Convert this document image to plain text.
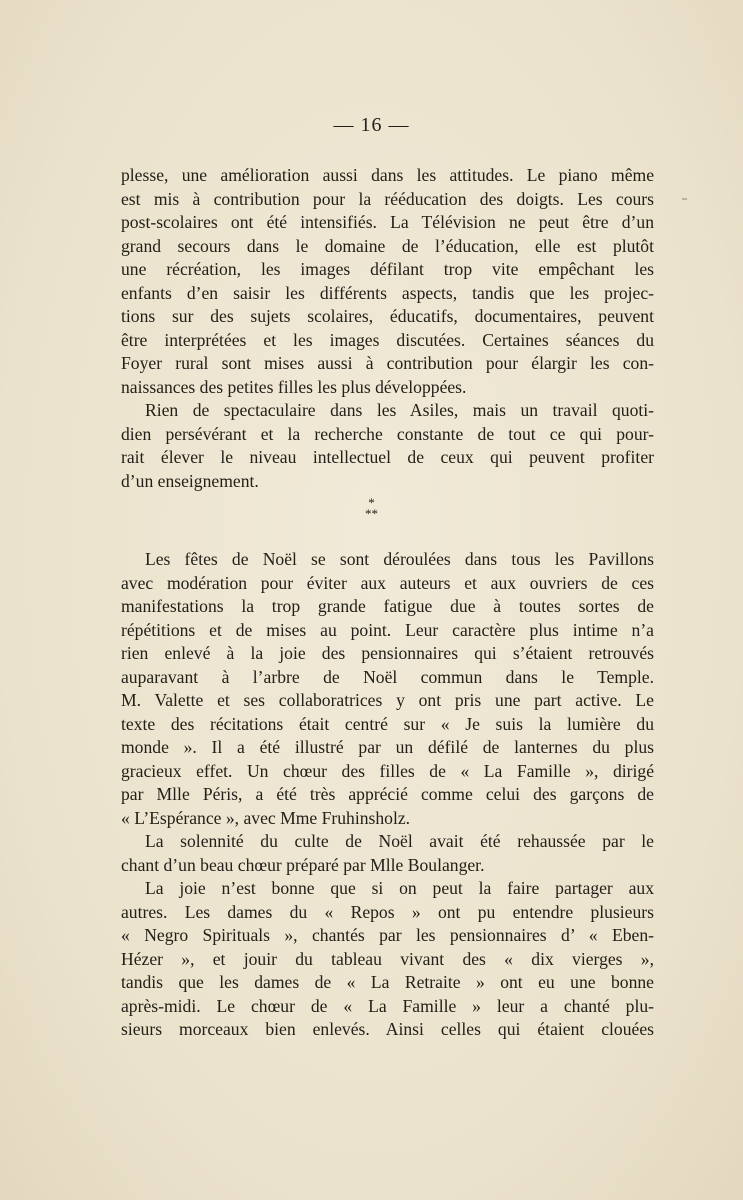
— 16 —
plesse, une amélioration aussi dans les attitudes. Le piano même
est mis à contribution pour la rééducation des doigts. Les cours
post-scolaires ont été intensifiés. La Télévision ne peut être d’un
grand secours dans le domaine de l’éducation, elle est plutôt
une récréation, les images défilant trop vite empêchant les
enfants d’en saisir les différents aspects, tandis que les projec-
tions sur des sujets scolaires, éducatifs, documentaires, peuvent
être interprétées et les images discutées. Certaines séances du
Foyer rural sont mises aussi à contribution pour élargir les con-
naissances des petites filles les plus développées.
Rien de spectaculaire dans les Asiles, mais un travail quoti-
dien persévérant et la recherche constante de tout ce qui pour-
rait élever le niveau intellectuel de ceux qui peuvent profiter
d’un enseignement.
*
**
Les fêtes de Noël se sont déroulées dans tous les Pavillons
avec modération pour éviter aux auteurs et aux ouvriers de ces
manifestations la trop grande fatigue due à toutes sortes de
répétitions et de mises au point. Leur caractère plus intime n’a
rien enlevé à la joie des pensionnaires qui s’étaient retrouvés
auparavant à l’arbre de Noël commun dans le Temple.
M. Valette et ses collaboratrices y ont pris une part active. Le
texte des récitations était centré sur « Je suis la lumière du
monde ». Il a été illustré par un défilé de lanternes du plus
gracieux effet. Un chœur des filles de « La Famille », dirigé
par Mlle Péris, a été très apprécié comme celui des garçons de
« L’Espérance », avec Mme Fruhinsholz.
La solennité du culte de Noël avait été rehaussée par le
chant d’un beau chœur préparé par Mlle Boulanger.
La joie n’est bonne que si on peut la faire partager aux
autres. Les dames du « Repos » ont pu entendre plusieurs
« Negro Spirituals », chantés par les pensionnaires d’ « Eben-
Hézer », et jouir du tableau vivant des « dix vierges »,
tandis que les dames de « La Retraite » ont eu une bonne
après-midi. Le chœur de « La Famille » leur a chanté plu-
sieurs morceaux bien enlevés. Ainsi celles qui étaient clouées
